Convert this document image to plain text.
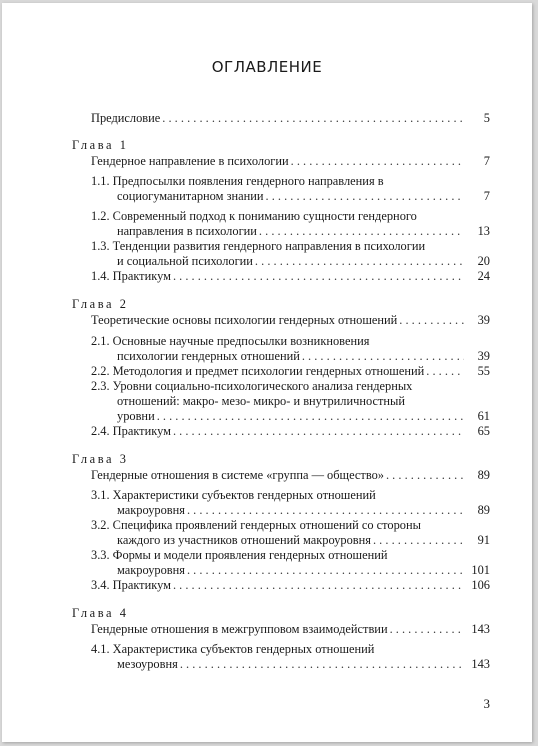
ОГЛАВЛЕНИЕ
Предисловие . . .	5
Глава 1
Гендерное направление в психологии . . .	7
1.1. Предпосылки появления гендерного направления в
социогуманитарном знании . . .	7
1.2. Современный подход к пониманию сущности гендерного
направления в психологии . . .	13
1.3. Тенденции развития гендерного направления в психологии
и социальной психологии . . .	20
1.4. Практикум . . .	24
Глава 2
Теоретические основы психологии гендерных отношений . . .	39
2.1. Основные научные предпосылки возникновения
психологии гендерных отношений . . .	39
2.2. Методология и предмет психологии гендерных отношений . . .	55
2.3. Уровни социально-психологического анализа гендерных
отношений: макро- мезо- микро- и внутриличностный
уровни . . .	61
2.4. Практикум . . .	65
Глава 3
Гендерные отношения в системе «группа — общество» . . .	89
3.1. Характеристики субъектов гендерных отношений
макроуровня . . .	89
3.2. Специфика проявлений гендерных отношений со стороны
каждого из участников отношений макроуровня . . .	91
3.3. Формы и модели проявления гендерных отношений
макроуровня . . .	101
3.4. Практикум . . .	106
Глава 4
Гендерные отношения в межгрупповом взаимодействии . . .	143
4.1. Характеристика субъектов гендерных отношений
мезоуровня . . .	143
3
